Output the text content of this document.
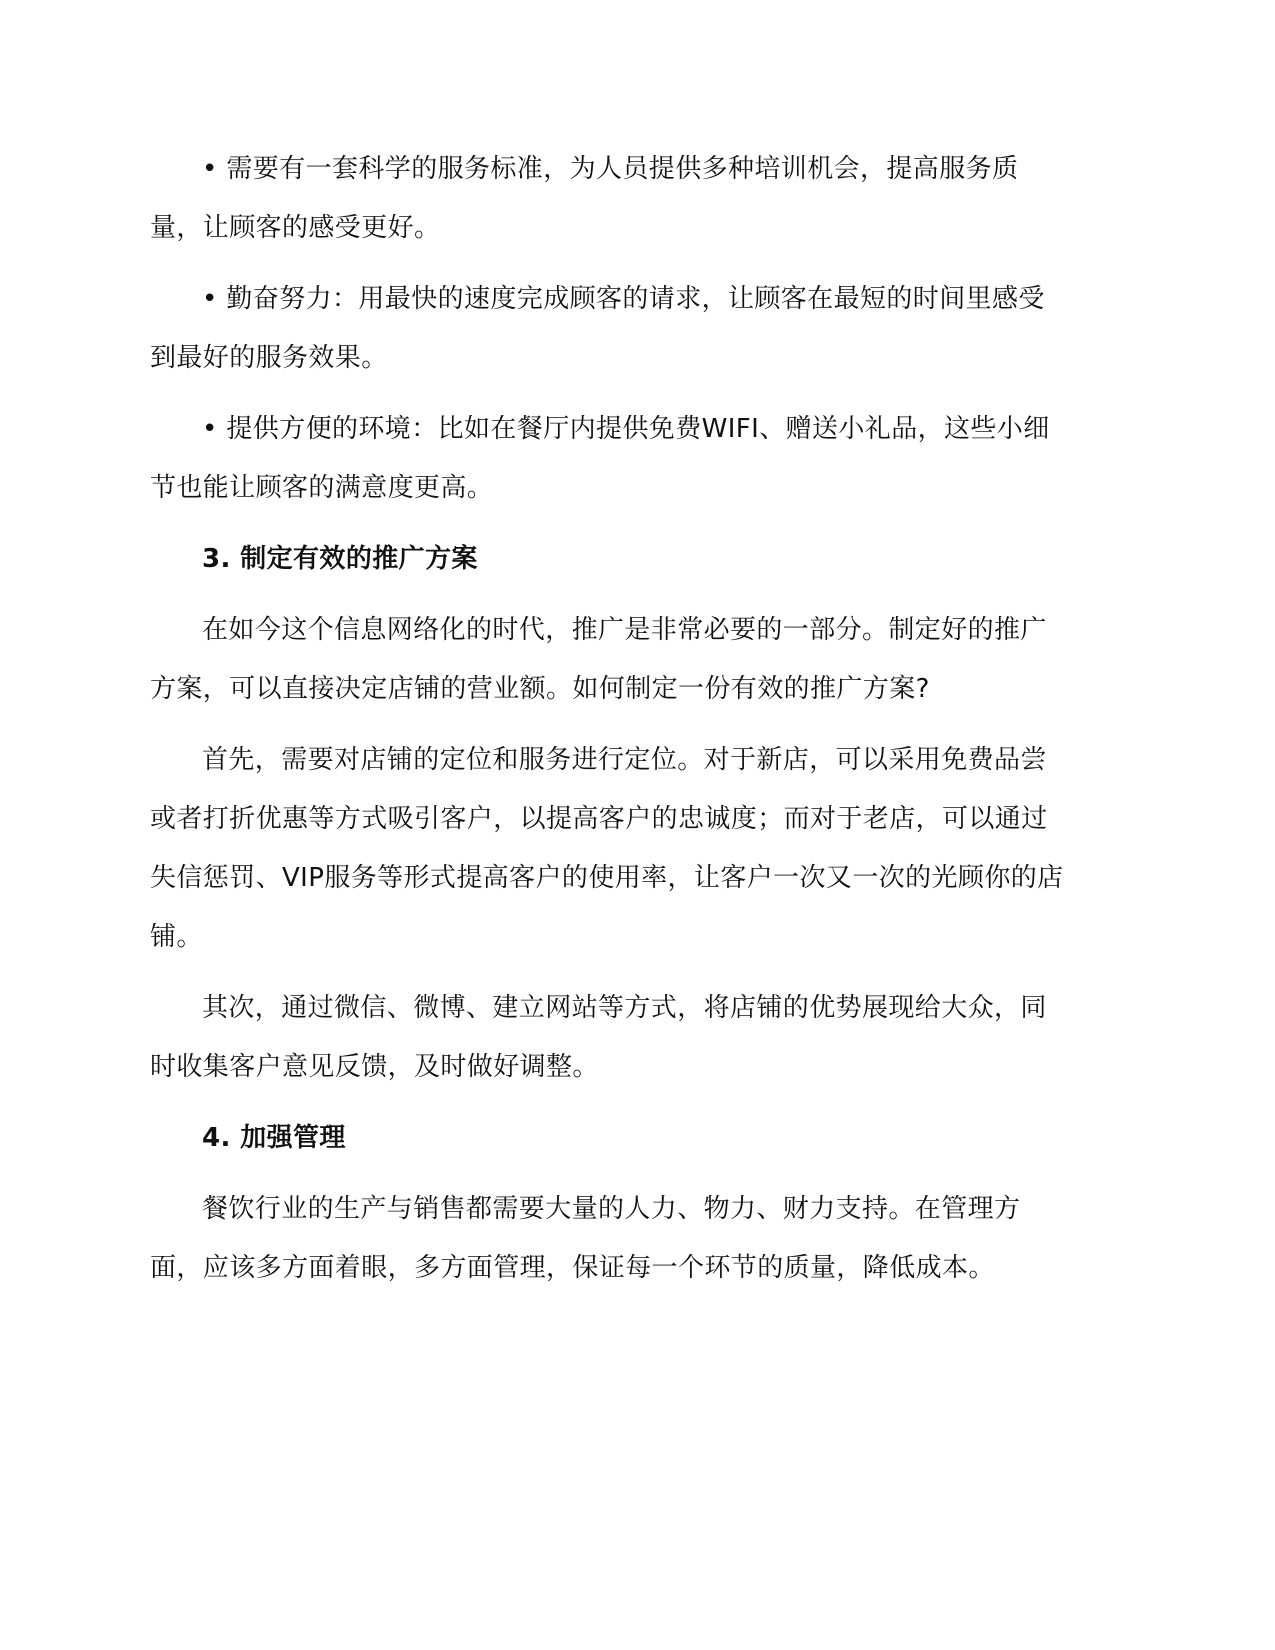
• 需要有一套科学的服务标准，为人员提供多种培训机会，提高服务质量，让顾客的感受更好。

• 勤奋努力：用最快的速度完成顾客的请求，让顾客在最短的时间里感受到最好的服务效果。

• 提供方便的环境：比如在餐厅内提供免费WIFI、赠送小礼品，这些小细节也能让顾客的满意度更高。

3. 制定有效的推广方案

在如今这个信息网络化的时代，推广是非常必要的一部分。制定好的推广方案，可以直接决定店铺的营业额。如何制定一份有效的推广方案?

首先，需要对店铺的定位和服务进行定位。对于新店，可以采用免费品尝或者打折优惠等方式吸引客户，以提高客户的忠诚度；而对于老店，可以通过失信惩罚、VIP服务等形式提高客户的使用率，让客户一次又一次的光顾你的店铺。

其次，通过微信、微博、建立网站等方式，将店铺的优势展现给大众，同时收集客户意见反馈，及时做好调整。

4. 加强管理

餐饮行业的生产与销售都需要大量的人力、物力、财力支持。在管理方面，应该多方面着眼，多方面管理，保证每一个环节的质量，降低成本。
